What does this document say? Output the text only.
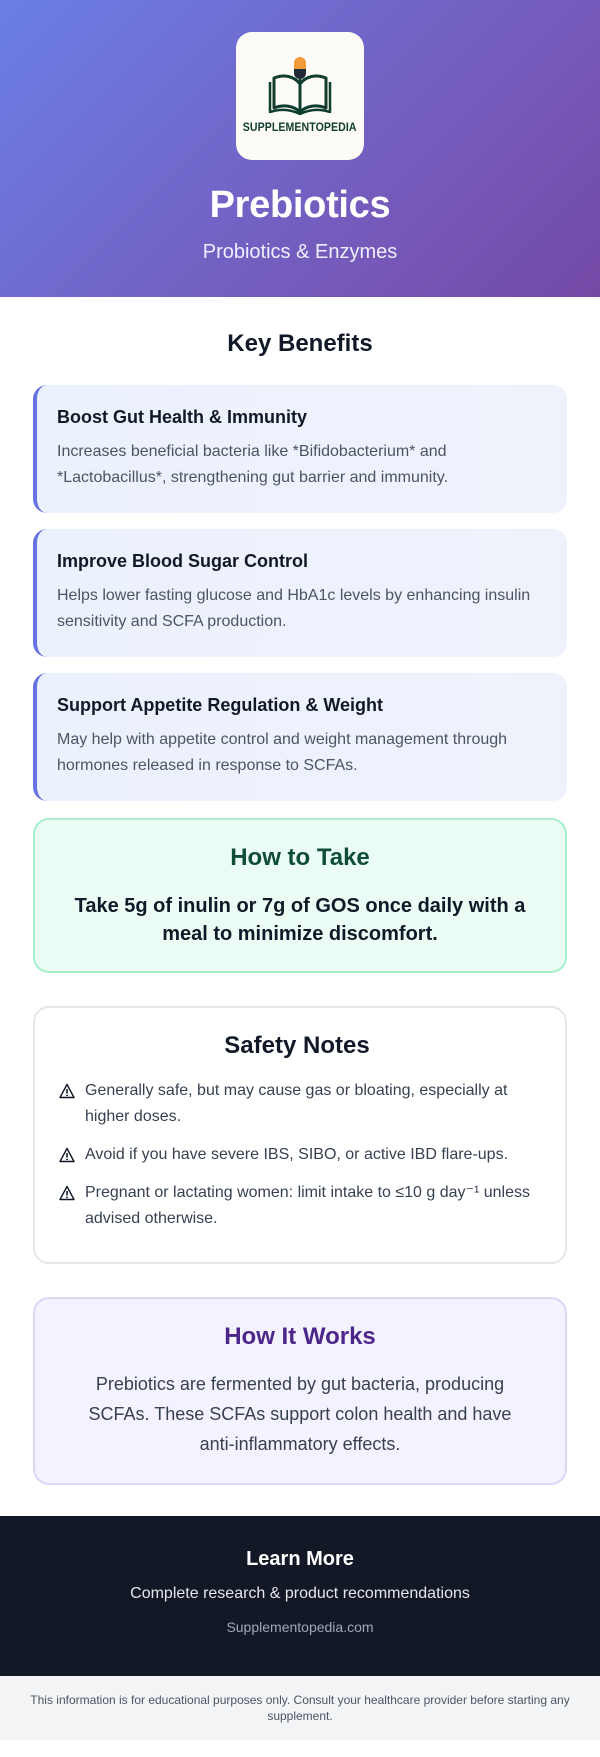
SUPPLEMENTOPEDIA
Prebiotics
Probiotics & Enzymes
Key Benefits
Boost Gut Health & Immunity
Increases beneficial bacteria like *Bifidobacterium* and *Lactobacillus*, strengthening gut barrier and immunity.
Improve Blood Sugar Control
Helps lower fasting glucose and HbA1c levels by enhancing insulin sensitivity and SCFA production.
Support Appetite Regulation & Weight
May help with appetite control and weight management through hormones released in response to SCFAs.
How to Take

Take 5g of inulin or 7g of GOS once daily with a meal to minimize discomfort.

Safety Notes
Generally safe, but may cause gas or bloating, especially at higher doses.
Avoid if you have severe IBS, SIBO, or active IBD flare-ups.
Pregnant or lactating women: limit intake to ≤10 g day⁻¹ unless advised otherwise.
How It Works

Prebiotics are fermented by gut bacteria, producing SCFAs. These SCFAs support colon health and have anti-inflammatory effects.

Learn More
Complete research & product recommendations
Supplementopedia.com
This information is for educational purposes only. Consult your healthcare provider before starting any supplement.
